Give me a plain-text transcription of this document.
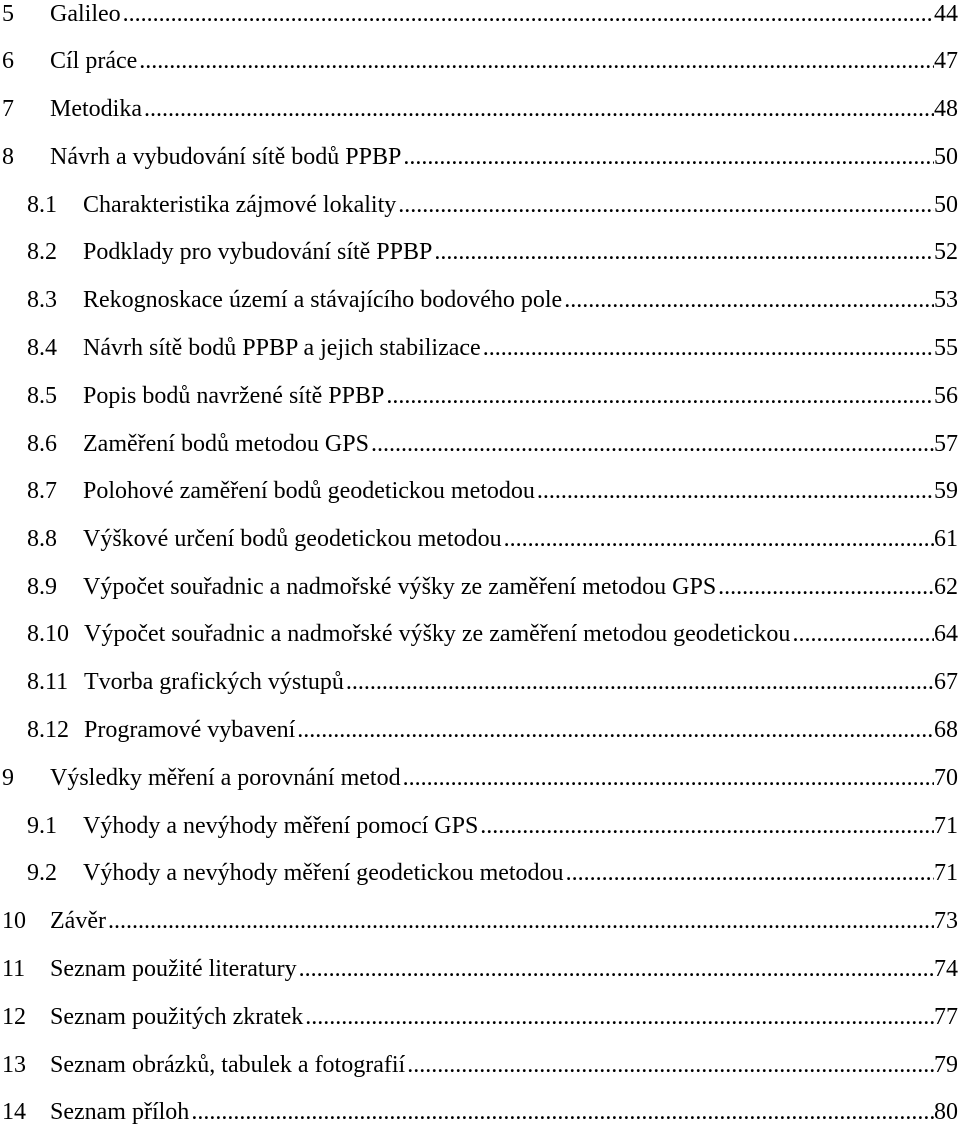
5 Galileo .....	44
6 Cíl práce .....	47
7 Metodika .....	48
8 Návrh a vybudování sítě bodů PPBP .....	50
8.1 Charakteristika zájmové lokality .....	50
8.2 Podklady pro vybudování sítě PPBP .....	52
8.3 Rekognoskace území a stávajícího bodového pole .....	53
8.4 Návrh sítě bodů PPBP a jejich stabilizace .....	55
8.5 Popis bodů navržené sítě PPBP .....	56
8.6 Zaměření bodů metodou GPS .....	57
8.7 Polohové zaměření bodů geodetickou metodou .....	59
8.8 Výškové určení bodů geodetickou metodou .....	61
8.9 Výpočet souřadnic a nadmořské výšky ze zaměření metodou GPS .....	62
8.10 Výpočet souřadnic a nadmořské výšky ze zaměření metodou geodetickou .....	64
8.11 Tvorba grafických výstupů .....	67
8.12 Programové vybavení .....	68
9 Výsledky měření a porovnání metod .....	70
9.1 Výhody a nevýhody měření pomocí GPS .....	71
9.2 Výhody a nevýhody měření geodetickou metodou .....	71
10 Závěr .....	73
11 Seznam použité literatury .....	74
12 Seznam použitých zkratek .....	77
13 Seznam obrázků, tabulek a fotografií .....	79
14 Seznam příloh .....	80
